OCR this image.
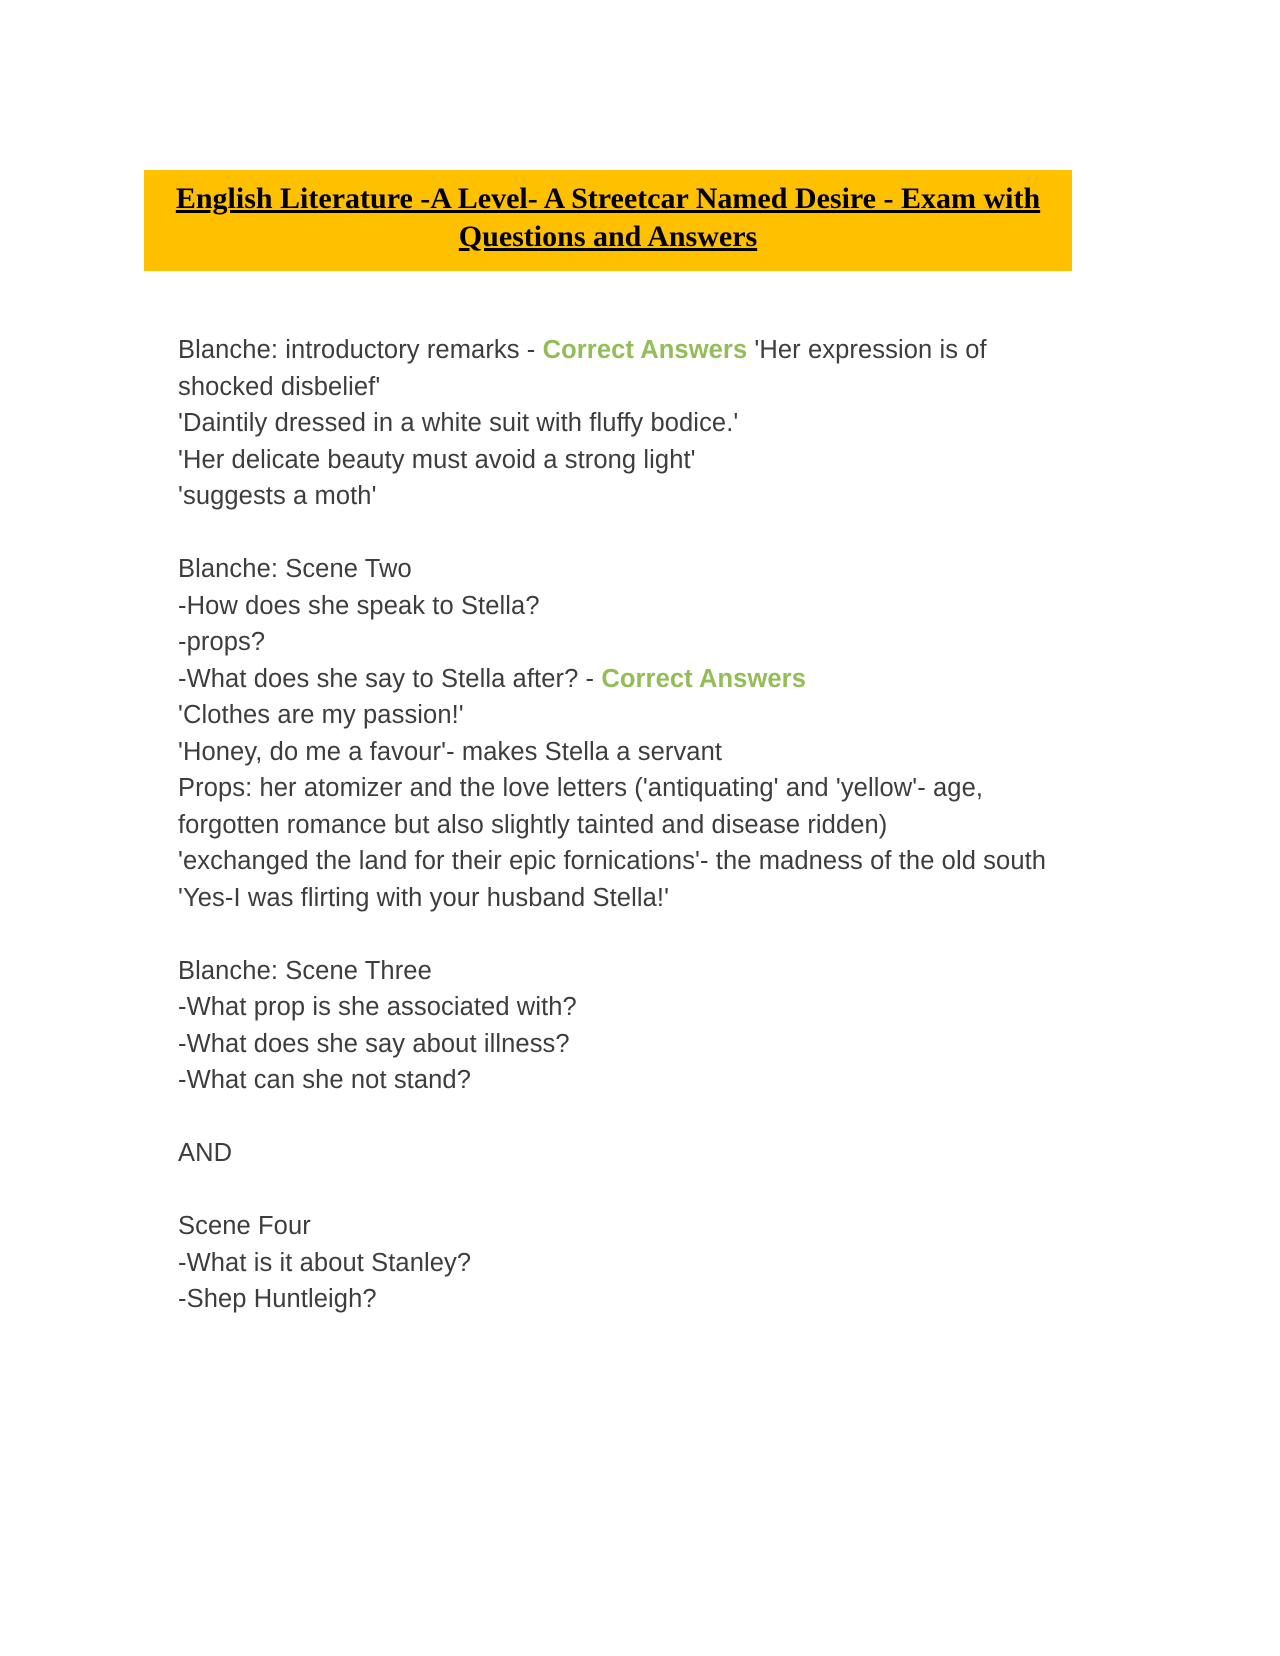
English Literature -A Level- A Streetcar Named Desire - Exam with Questions and Answers
Blanche: introductory remarks - Correct Answers 'Her expression is of shocked disbelief'
'Daintily dressed in a white suit with fluffy bodice.'
'Her delicate beauty must avoid a strong light'
'suggests a moth'
Blanche: Scene Two
-How does she speak to Stella?
-props?
-What does she say to Stella after? - Correct Answers
'Clothes are my passion!'
'Honey, do me a favour'- makes Stella a servant
Props: her atomizer and the love letters ('antiquating' and 'yellow'- age, forgotten romance but also slightly tainted and disease ridden)
'exchanged the land for their epic fornications'- the madness of the old south
'Yes-I was flirting with your husband Stella!'
Blanche: Scene Three
-What prop is she associated with?
-What does she say about illness?
-What can she not stand?
AND
Scene Four
-What is it about Stanley?
-Shep Huntleigh?
